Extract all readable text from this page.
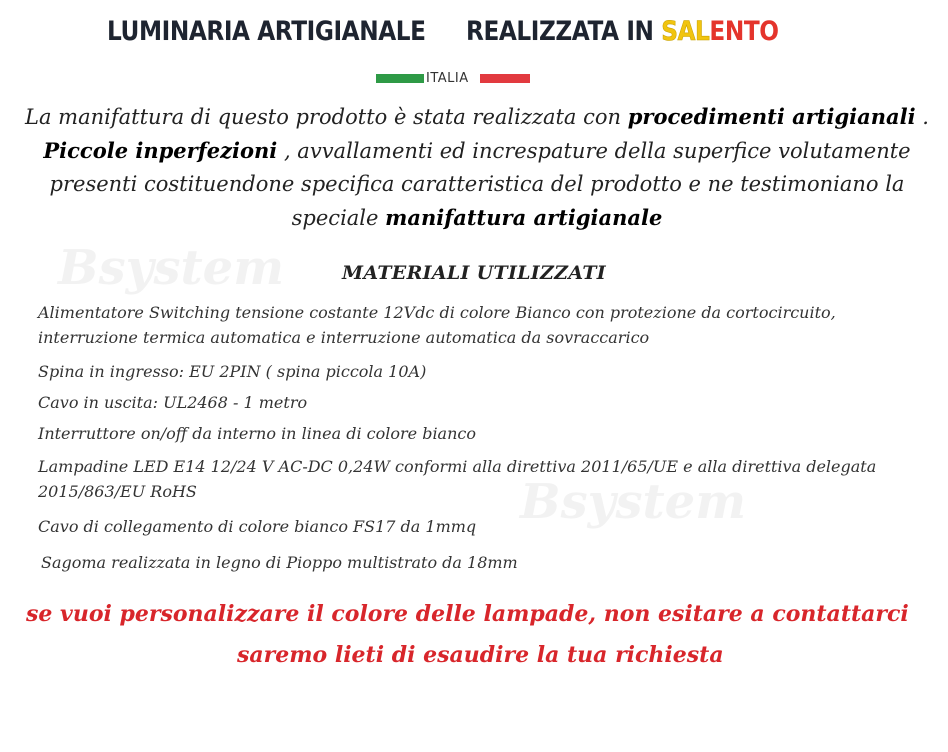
LUMINARIA ARTIGIANALE REALIZZATA IN SALENTO
ITALIA
La manifattura di questo prodotto è stata realizzata con procedimenti artigianali .
Piccole inperfezioni , avvallamenti ed increspature della superfice volutamente
presenti costituendone specifica caratteristica del prodotto e ne testimoniano la
speciale manifattura artigianale
Bsystem
Bsystem
MATERIALI UTILIZZATI
Alimentatore Switching tensione costante 12Vdc di colore Bianco con protezione da cortocircuito, interruzione termica automatica e interruzione automatica da sovraccarico
Spina in ingresso: EU 2PIN ( spina piccola 10A)
Cavo in uscita: UL2468 - 1 metro
Interruttore on/off da interno in linea di colore bianco
Lampadine LED E14 12/24 V AC-DC 0,24W conformi alla direttiva 2011/65/UE e alla direttiva delegata 2015/863/EU RoHS
Cavo di collegamento di colore bianco FS17 da 1mmq
Sagoma realizzata in legno di Pioppo multistrato da 18mm
se vuoi personalizzare il colore delle lampade, non esitare a contattarci
saremo lieti di esaudire la tua richiesta
